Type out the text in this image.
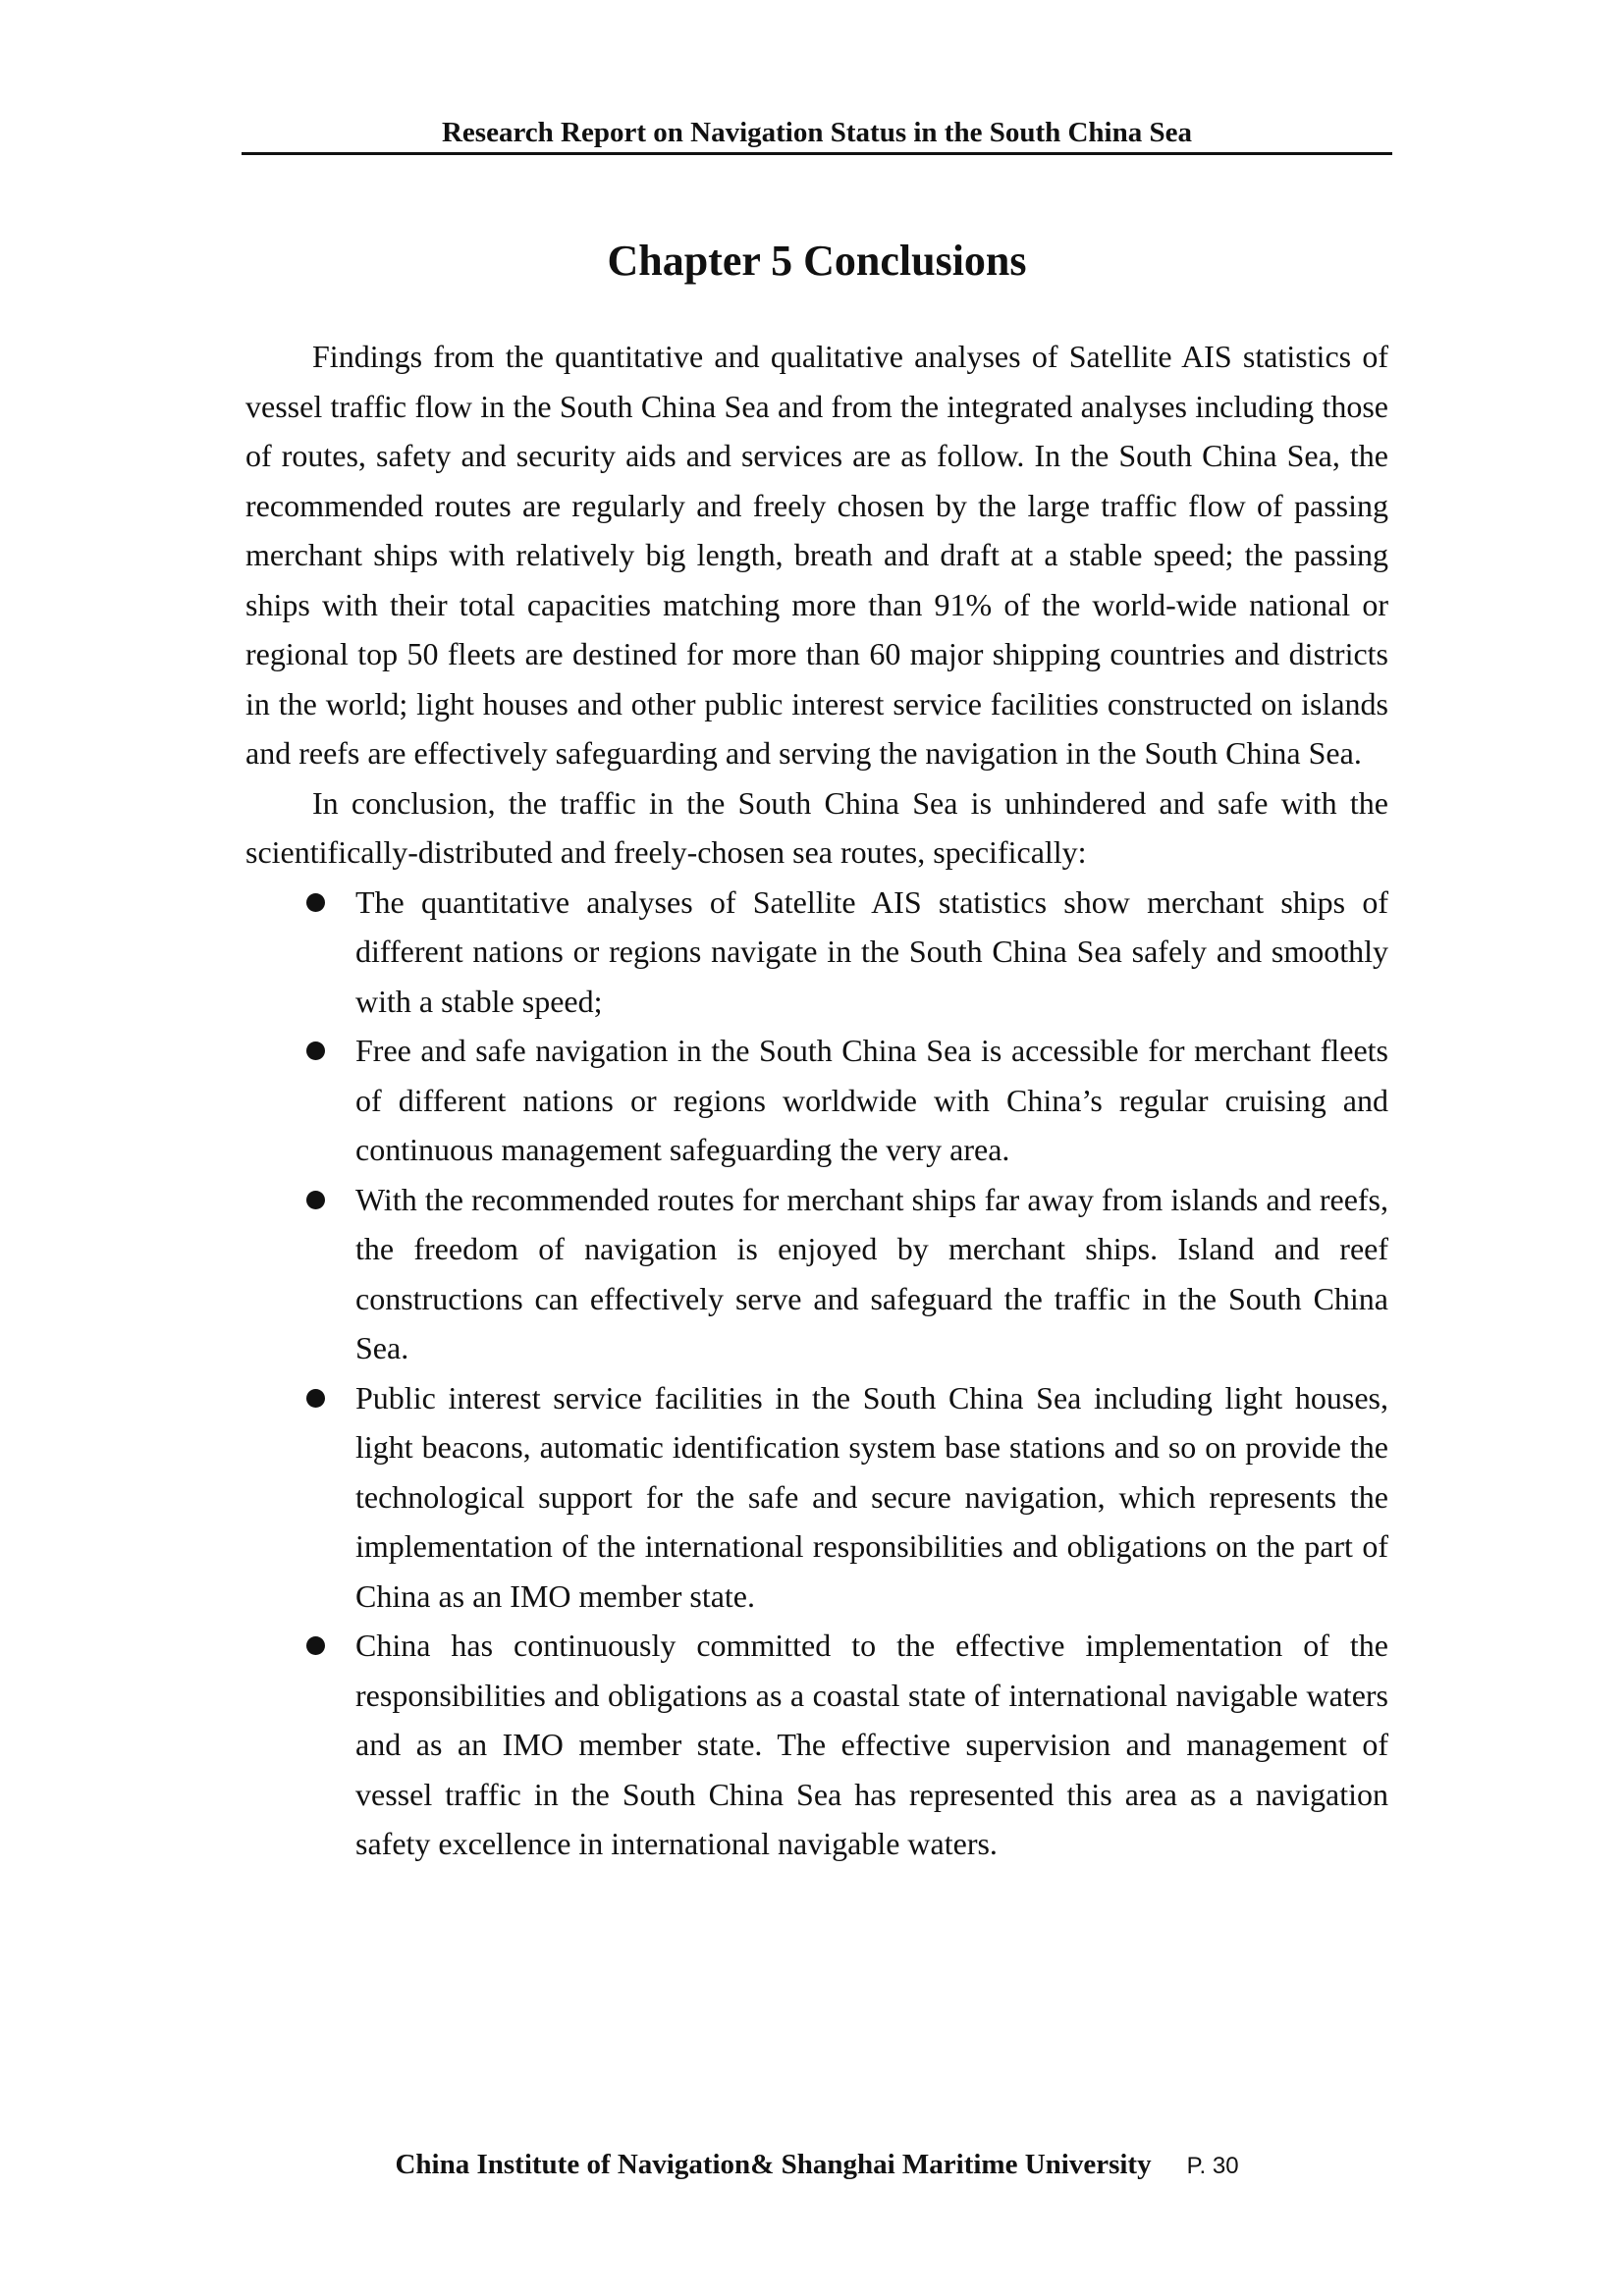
Research Report on Navigation Status in the South China Sea
Chapter 5 Conclusions

Findings from the quantitative and qualitative analyses of Satellite AIS statistics of vessel traffic flow in the South China Sea and from the integrated analyses including those of routes, safety and security aids and services are as follow. In the South China Sea, the recommended routes are regularly and freely chosen by the large traffic flow of passing merchant ships with relatively big length, breath and draft at a stable speed; the passing ships with their total capacities matching more than 91% of the world-wide national or regional top 50 fleets are destined for more than 60 major shipping countries and districts in the world; light houses and other public interest service facilities constructed on islands and reefs are effectively safeguarding and serving the navigation in the South China Sea.

In conclusion, the traffic in the South China Sea is unhindered and safe with the scientifically-distributed and freely-chosen sea routes, specifically:

The quantitative analyses of Satellite AIS statistics show merchant ships of different nations or regions navigate in the South China Sea safely and smoothly with a stable speed;
Free and safe navigation in the South China Sea is accessible for merchant fleets of different nations or regions worldwide with China’s regular cruising and continuous management safeguarding the very area.
With the recommended routes for merchant ships far away from islands and reefs, the freedom of navigation is enjoyed by merchant ships. Island and reef constructions can effectively serve and safeguard the traffic in the South China Sea.
Public interest service facilities in the South China Sea including light houses, light beacons, automatic identification system base stations and so on provide the technological support for the safe and secure navigation, which represents the implementation of the international responsibilities and obligations on the part of China as an IMO member state.
China has continuously committed to the effective implementation of the responsibilities and obligations as a coastal state of international navigable waters and as an IMO member state. The effective supervision and management of vessel traffic in the South China Sea has represented this area as a navigation safety excellence in international navigable waters.
China Institute of Navigation& Shanghai Maritime University P. 30
